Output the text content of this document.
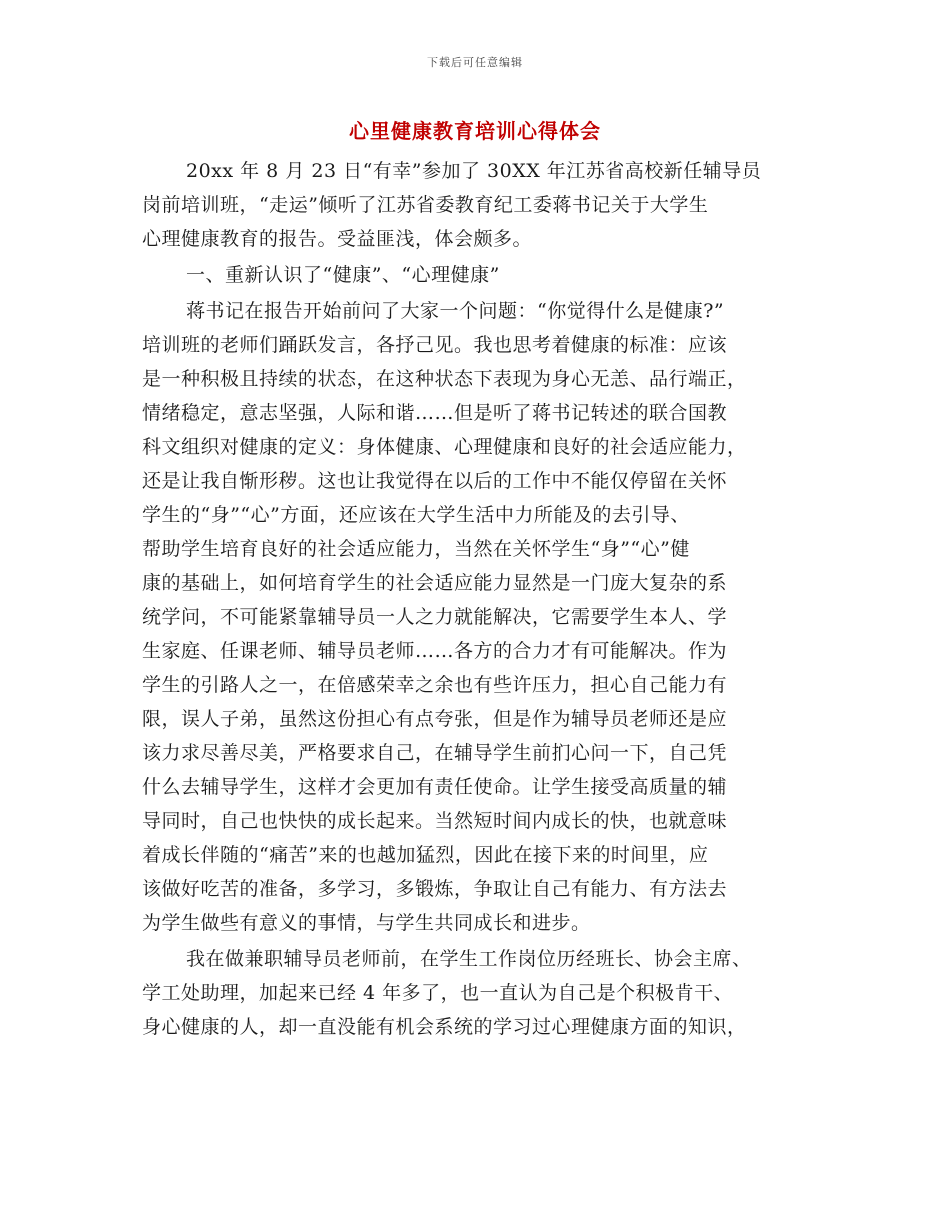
下载后可任意编辑
心里健康教育培训心得体会

20xx 年 8 月 23 日“有幸”参加了 30XX 年江苏省高校新任辅导员
岗前培训班，“走运”倾听了江苏省委教育纪工委蒋书记关于大学生
心理健康教育的报告。受益匪浅，体会颇多。

一、重新认识了“健康”、“心理健康”

蒋书记在报告开始前问了大家一个问题：“你觉得什么是健康?”
培训班的老师们踊跃发言，各抒己见。我也思考着健康的标准：应该
是一种积极且持续的状态，在这种状态下表现为身心无恙、品行端正，
情绪稳定，意志坚强，人际和谐……但是听了蒋书记转述的联合国教
科文组织对健康的定义：身体健康、心理健康和良好的社会适应能力，
还是让我自惭形秽。这也让我觉得在以后的工作中不能仅停留在关怀
学生的“身”“心”方面，还应该在大学生活中力所能及的去引导、
帮助学生培育良好的社会适应能力，当然在关怀学生“身”“心”健
康的基础上，如何培育学生的社会适应能力显然是一门庞大复杂的系
统学问，不可能紧靠辅导员一人之力就能解决，它需要学生本人、学
生家庭、任课老师、辅导员老师……各方的合力才有可能解决。作为
学生的引路人之一，在倍感荣幸之余也有些许压力，担心自己能力有
限，误人子弟，虽然这份担心有点夸张，但是作为辅导员老师还是应
该力求尽善尽美，严格要求自己，在辅导学生前扪心问一下，自己凭
什么去辅导学生，这样才会更加有责任使命。让学生接受高质量的辅
导同时，自己也快快的成长起来。当然短时间内成长的快，也就意味
着成长伴随的“痛苦”来的也越加猛烈，因此在接下来的时间里，应
该做好吃苦的准备，多学习，多锻炼，争取让自己有能力、有方法去
为学生做些有意义的事情，与学生共同成长和进步。

我在做兼职辅导员老师前，在学生工作岗位历经班长、协会主席、
学工处助理，加起来已经 4 年多了，也一直认为自己是个积极肯干、
身心健康的人，却一直没能有机会系统的学习过心理健康方面的知识，
